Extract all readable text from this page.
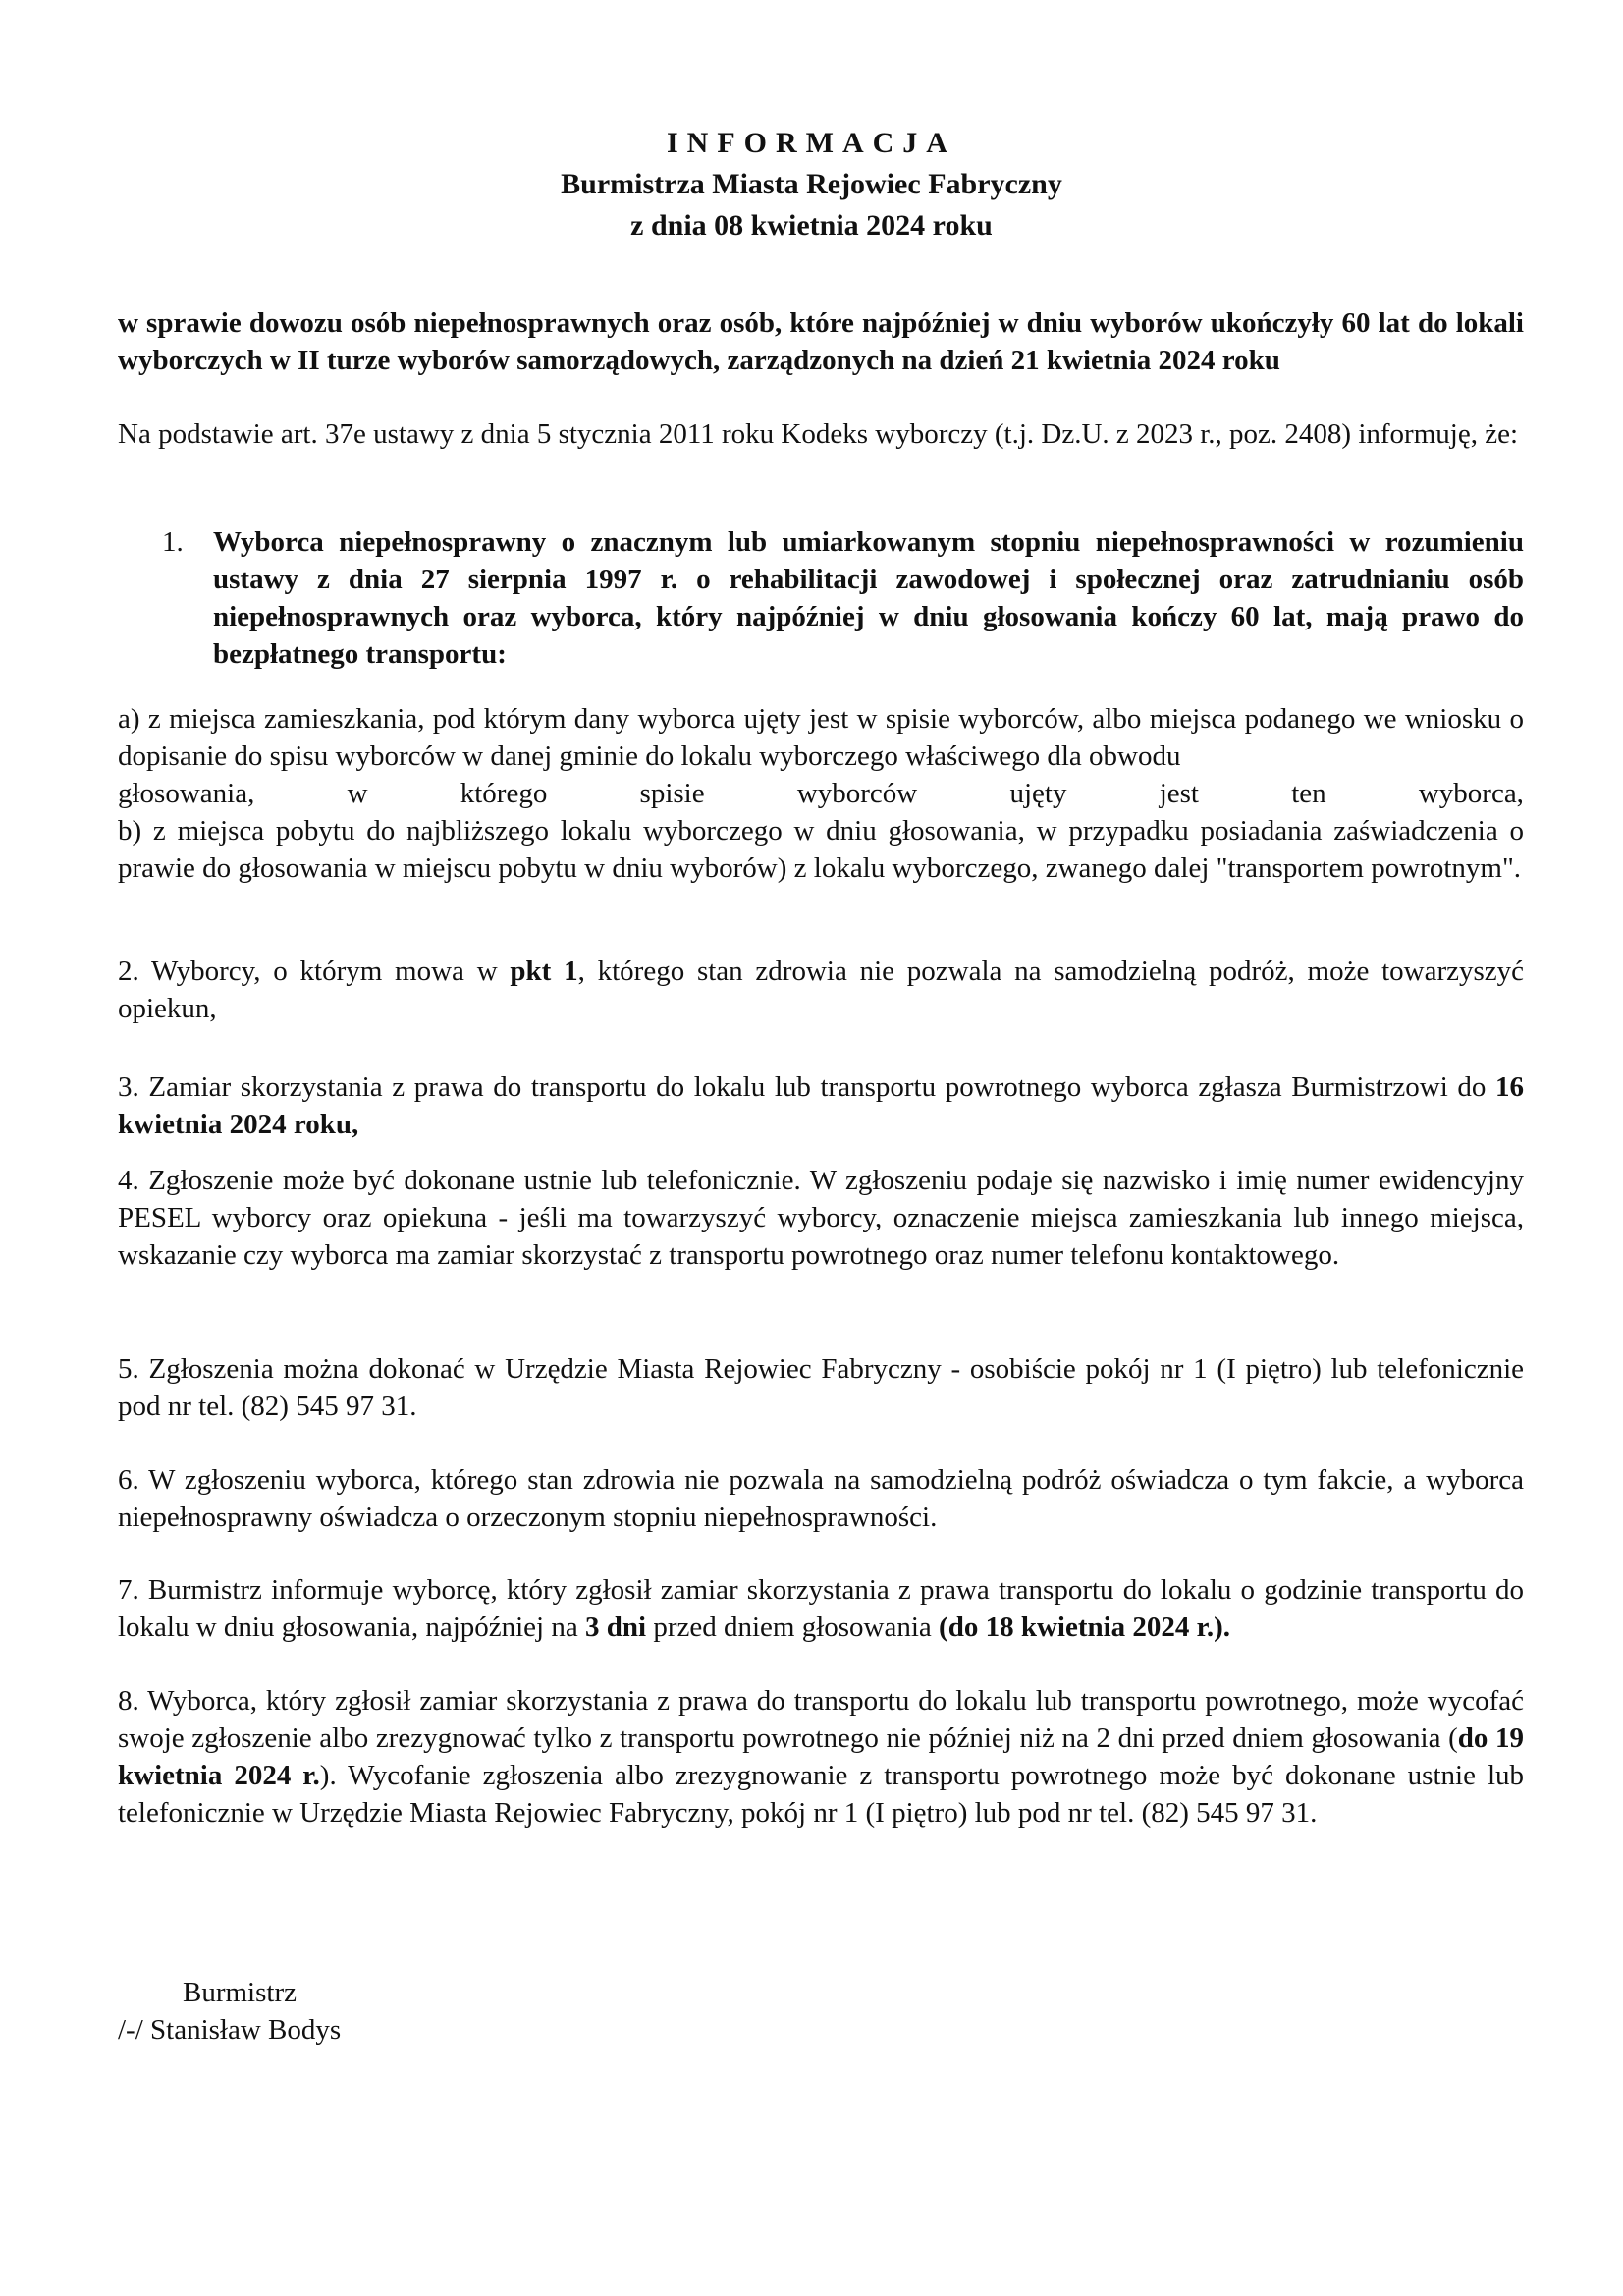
INFORMACJA
Burmistrza Miasta Rejowiec Fabryczny
z dnia 08 kwietnia 2024 roku
w sprawie dowozu osób niepełnosprawnych oraz osób, które najpóźniej w dniu wyborów ukończyły 60 lat do lokali wyborczych w II turze wyborów samorządowych, zarządzonych na dzień 21 kwietnia 2024 roku
Na podstawie art. 37e ustawy z dnia 5 stycznia 2011 roku Kodeks wyborczy (t.j. Dz.U. z 2023 r., poz. 2408) informuję, że:
1. Wyborca niepełnosprawny o znacznym lub umiarkowanym stopniu niepełnosprawności w rozumieniu ustawy z dnia 27 sierpnia 1997 r. o rehabilitacji zawodowej i społecznej oraz zatrudnianiu osób niepełnosprawnych oraz wyborca, który najpóźniej w dniu głosowania kończy 60 lat, mają prawo do bezpłatnego transportu:
a) z miejsca zamieszkania, pod którym dany wyborca ujęty jest w spisie wyborców, albo miejsca podanego we wniosku o dopisanie do spisu wyborców w danej gminie do lokalu wyborczego właściwego dla obwodu
głosowania,	w	którego	spisie	wyborców	ujęty	jest	ten	wyborca,
b) z miejsca pobytu do najbliższego lokalu wyborczego w dniu głosowania, w przypadku posiadania zaświadczenia o prawie do głosowania w miejscu pobytu w dniu wyborów) z lokalu wyborczego, zwanego dalej "transportem powrotnym".
2. Wyborcy, o którym mowa w pkt 1, którego stan zdrowia nie pozwala na samodzielną podróż, może towarzyszyć opiekun,
3. Zamiar skorzystania z prawa do transportu do lokalu lub transportu powrotnego wyborca zgłasza Burmistrzowi do 16 kwietnia 2024 roku,
4. Zgłoszenie może być dokonane ustnie lub telefonicznie. W zgłoszeniu podaje się nazwisko i imię numer ewidencyjny PESEL wyborcy oraz opiekuna - jeśli ma towarzyszyć wyborcy, oznaczenie miejsca zamieszkania lub innego miejsca, wskazanie czy wyborca ma zamiar skorzystać z transportu powrotnego oraz numer telefonu kontaktowego.
5. Zgłoszenia można dokonać w Urzędzie Miasta Rejowiec Fabryczny - osobiście pokój nr 1 (I piętro) lub telefonicznie pod nr tel. (82) 545 97 31.
6. W zgłoszeniu wyborca, którego stan zdrowia nie pozwala na samodzielną podróż oświadcza o tym fakcie, a wyborca niepełnosprawny oświadcza o orzeczonym stopniu niepełnosprawności.
7. Burmistrz informuje wyborcę, który zgłosił zamiar skorzystania z prawa transportu do lokalu o godzinie transportu do lokalu w dniu głosowania, najpóźniej na 3 dni przed dniem głosowania (do 18 kwietnia 2024 r.).
8. Wyborca, który zgłosił zamiar skorzystania z prawa do transportu do lokalu lub transportu powrotnego, może wycofać swoje zgłoszenie albo zrezygnować tylko z transportu powrotnego nie później niż na 2 dni przed dniem głosowania (do 19 kwietnia 2024 r.). Wycofanie zgłoszenia albo zrezygnowanie z transportu powrotnego może być dokonane ustnie lub telefonicznie w Urzędzie Miasta Rejowiec Fabryczny, pokój nr 1 (I piętro) lub pod nr tel. (82) 545 97 31.
Burmistrz
/-/ Stanisław Bodys
